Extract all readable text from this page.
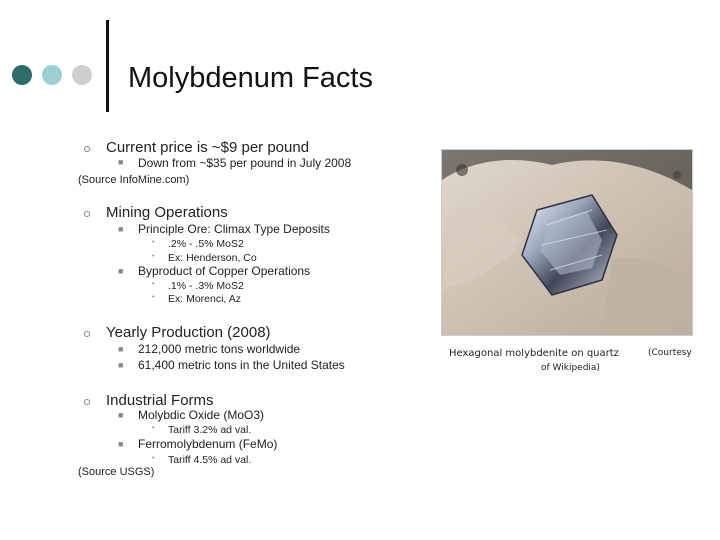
Molybdenum Facts
Current price is ~$9 per pound
■ Down from ~$35 per pound in July 2008
(Source InfoMine.com)
Mining Operations
■ Principle Ore: Climax Type Deposits
• .2% - .5% MoS2
• Ex: Henderson, Co
■ Byproduct of Copper Operations
• .1% - .3% MoS2
• Ex: Morenci, Az
Yearly Production (2008)
■ 212,000 metric tons worldwide
■ 61,400 metric tons in the United States
Industrial Forms
■ Molybdic Oxide (MoO3)
• Tariff 3.2% ad val.
■ Ferromolybdenum (FeMo)
• Tariff 4.5% ad val.
(Source USGS)
Hexagonal molybdenite on quartz	(Courtesy
of Wikipedia)
